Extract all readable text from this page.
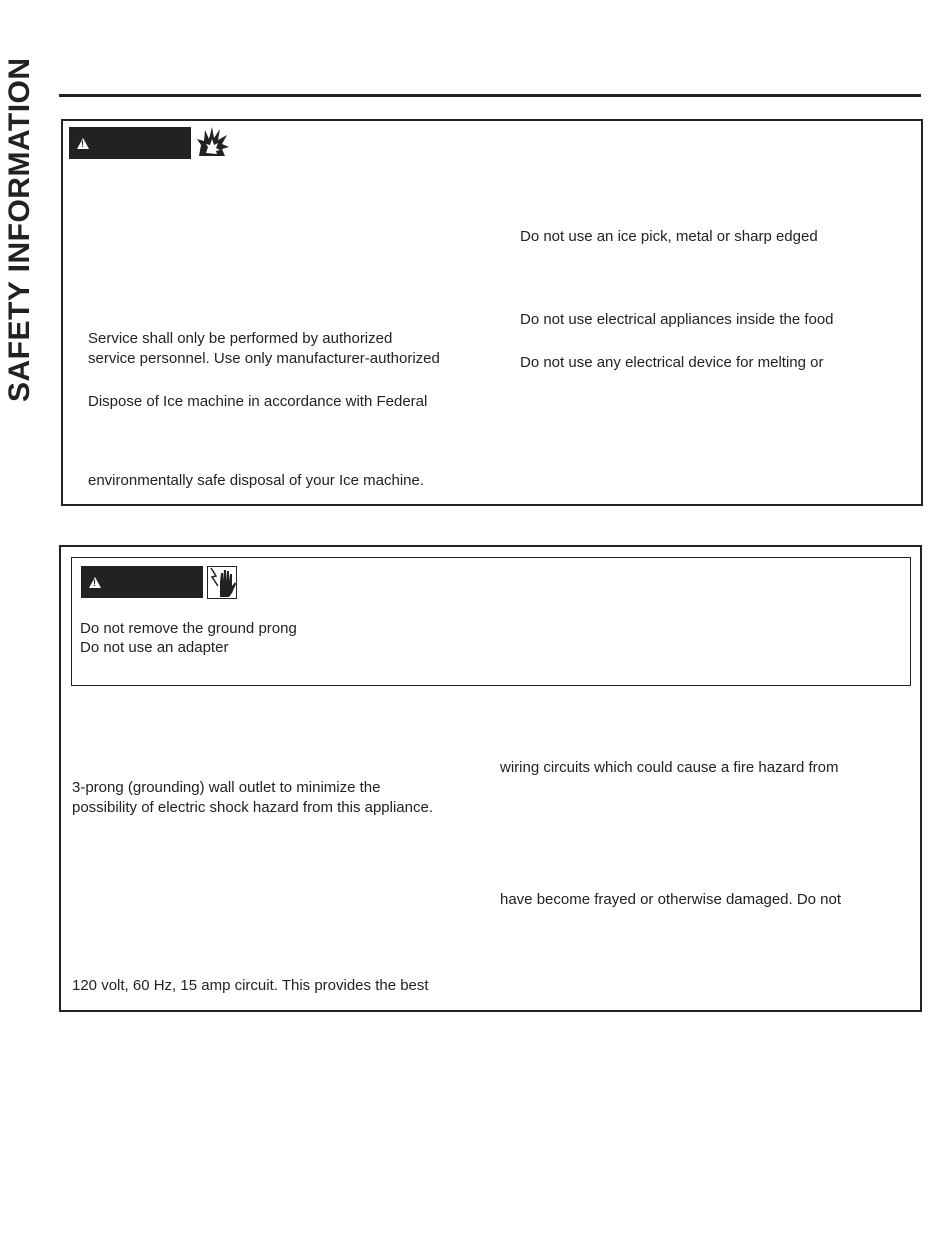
SAFETY INFORMATION
!	Do not use an ice pick, metal or sharp edged
Do not use electrical appliances inside the food
Do not use any electrical device for melting or
Service shall only be performed by authorized
service personnel. Use only manufacturer-authorized
Dispose of Ice machine in accordance with Federal
environmentally safe disposal of your Ice machine.
!
Do not remove the ground prong
Do not use an adapter
wiring circuits which could cause a fire hazard from
have become frayed or otherwise damaged. Do not
3-prong (grounding) wall outlet to minimize the
possibility of electric shock hazard from this appliance.
120 volt, 60 Hz, 15 amp circuit. This provides the best
